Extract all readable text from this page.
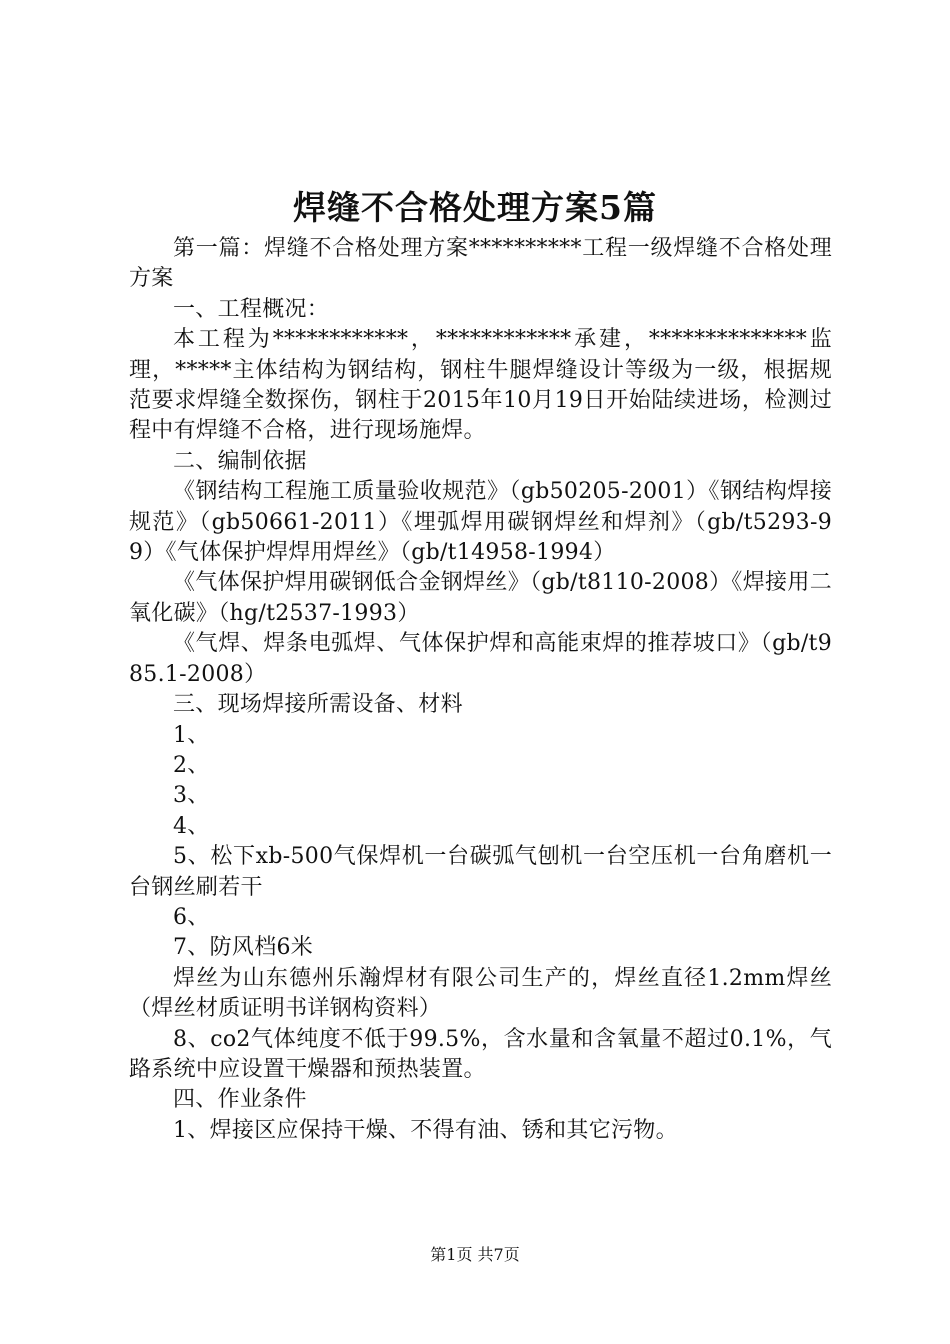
焊缝不合格处理方案5篇

第一篇：焊缝不合格处理方案**********工程一级焊缝不合格处理方案

一、工程概况：

本工程为************，************承建，**************监理，*****主体结构为钢结构，钢柱牛腿焊缝设计等级为一级，根据规范要求焊缝全数探伤，钢柱于2015年10月19日开始陆续进场，检测过程中有焊缝不合格，进行现场施焊。

二、编制依据

《钢结构工程施工质量验收规范》（gb50205-2001）《钢结构焊接规范》（gb50661-2011）《埋弧焊用碳钢焊丝和焊剂》（gb/t5293-99）《气体保护焊焊用焊丝》（gb/t14958-1994）

《气体保护焊用碳钢低合金钢焊丝》（gb/t8110-2008）《焊接用二氧化碳》（hg/t2537-1993）

《气焊、焊条电弧焊、气体保护焊和高能束焊的推荐坡口》（gb/t985.1-2008）

三、现场焊接所需设备、材料

1、

2、

3、

4、

5、松下xb-500气保焊机一台碳弧气刨机一台空压机一台角磨机一台钢丝刷若干

6、

7、防风档6米

焊丝为山东德州乐瀚焊材有限公司生产的，焊丝直径1.2mm焊丝（焊丝材质证明书详钢构资料）

8、co2气体纯度不低于99.5%，含水量和含氧量不超过0.1%，气路系统中应设置干燥器和预热装置。

四、作业条件

1、焊接区应保持干燥、不得有油、锈和其它污物。

第1页 共7页
